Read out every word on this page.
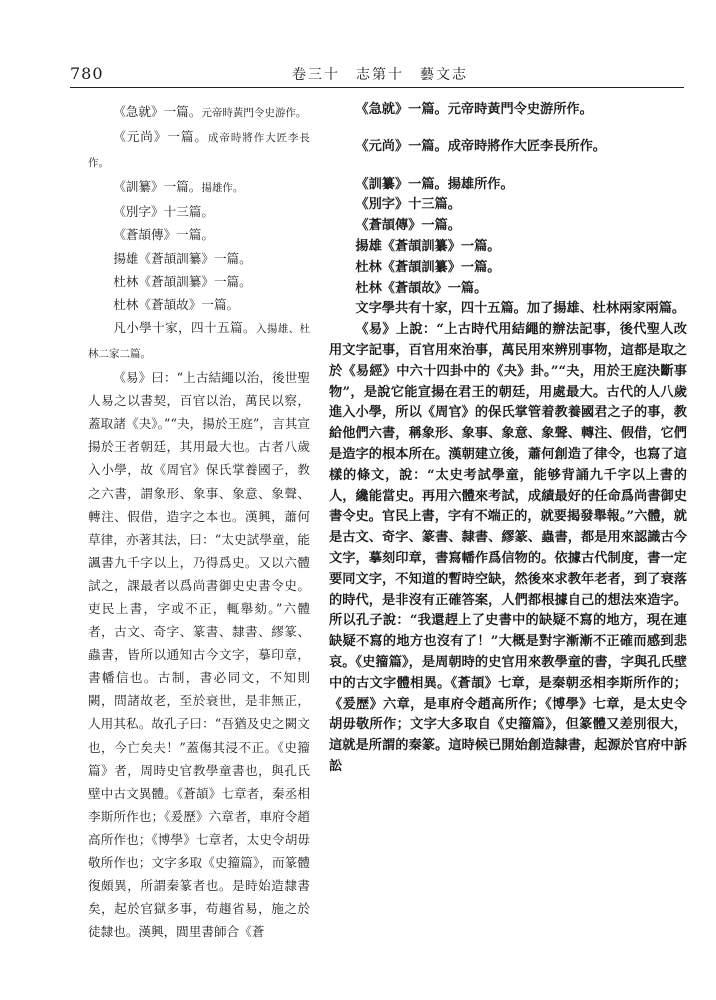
780	卷三十　志第十　藝文志

《急就》一篇。元帝時黃門令史游作。

《元尚》一篇。成帝時將作大匠李長作。

《訓纂》一篇。揚雄作。

《別字》十三篇。

《蒼頡傳》一篇。

揚雄《蒼頡訓纂》一篇。

杜林《蒼頡訓纂》一篇。

杜林《蒼頡故》一篇。

凡小學十家，四十五篇。入揚雄、杜林二家二篇。

《易》曰：“上古結繩以治，後世聖人易之以書契，百官以治，萬民以察，蓋取諸《夬》。”“夬，揚於王庭”，言其宣揚於王者朝廷，其用最大也。古者八歲入小學，故《周官》保氏掌養國子，教之六書，謂象形、象事、象意、象聲、轉注、假借，造字之本也。漢興，蕭何草律，亦著其法，曰：“太史試學童，能諷書九千字以上，乃得爲史。又以六體試之，課最者以爲尚書御史史書令史。吏民上書，字或不正，輒舉劾。”六體者，古文、奇字、篆書、隸書、繆篆、蟲書，皆所以通知古今文字，摹印章，書幡信也。古制，書必同文，不知則闕，問諸故老，至於衰世，是非無正，人用其私。故孔子曰：“吾猶及史之闕文也，今亡矣夫！”蓋傷其浸不正。《史籀篇》者，周時史官教學童書也，與孔氏壁中古文異體。《蒼頡》七章者，秦丞相李斯所作也；《爰歷》六章者，車府令趙高所作也；《博學》七章者，太史令胡毋敬所作也；文字多取《史籀篇》，而篆體復頗異，所謂秦篆者也。是時始造隸書矣，起於官獄多事，苟趨省易，施之於徒隸也。漢興，閭里書師合《蒼

《急就》一篇。元帝時黃門令史游所作。

《元尚》一篇。成帝時將作大匠李長所作。

《訓纂》一篇。揚雄所作。

《別字》十三篇。

《蒼頡傳》一篇。

揚雄《蒼頡訓纂》一篇。

杜林《蒼頡訓纂》一篇。

杜林《蒼頡故》一篇。

文字學共有十家，四十五篇。加了揚雄、杜林兩家兩篇。

《易》上說：“上古時代用結繩的辦法記事，後代聖人改用文字記事，百官用來治事，萬民用來辨別事物，這都是取之於《易經》中六十四卦中的《夬》卦。”“夬，用於王庭決斷事物”，是說它能宣揚在君王的朝廷，用處最大。古代的人八歲進入小學，所以《周官》的保氏掌管着教養國君之子的事，教給他們六書，稱象形、象事、象意、象聲、轉注、假借，它們是造字的根本所在。漢朝建立後，蕭何創造了律令，也寫了這樣的條文，說：“太史考試學童，能够背誦九千字以上書的人，纔能當史。再用六體來考試，成績最好的任命爲尚書御史書令史。官民上書，字有不端正的，就要揭發舉報。”六體，就是古文、奇字、篆書、隸書、繆篆、蟲書，都是用來認識古今文字，摹刻印章，書寫幡作爲信物的。依據古代制度，書一定要同文字，不知道的暫時空缺，然後來求教年老者，到了衰落的時代，是非沒有正確答案，人們都根據自己的想法來造字。所以孔子說：“我還趕上了史書中的缺疑不寫的地方，現在連缺疑不寫的地方也沒有了！”大概是對字漸漸不正確而感到悲哀。《史籀篇》，是周朝時的史官用來教學童的書，字與孔氏壁中的古文字體相異。《蒼頡》七章，是秦朝丞相李斯所作的；《爰歷》六章，是車府令趙高所作；《博學》七章，是太史令胡毋敬所作；文字大多取自《史籀篇》，但篆體又差別很大，這就是所謂的秦篆。這時候已開始創造隸書，起源於官府中訴訟
